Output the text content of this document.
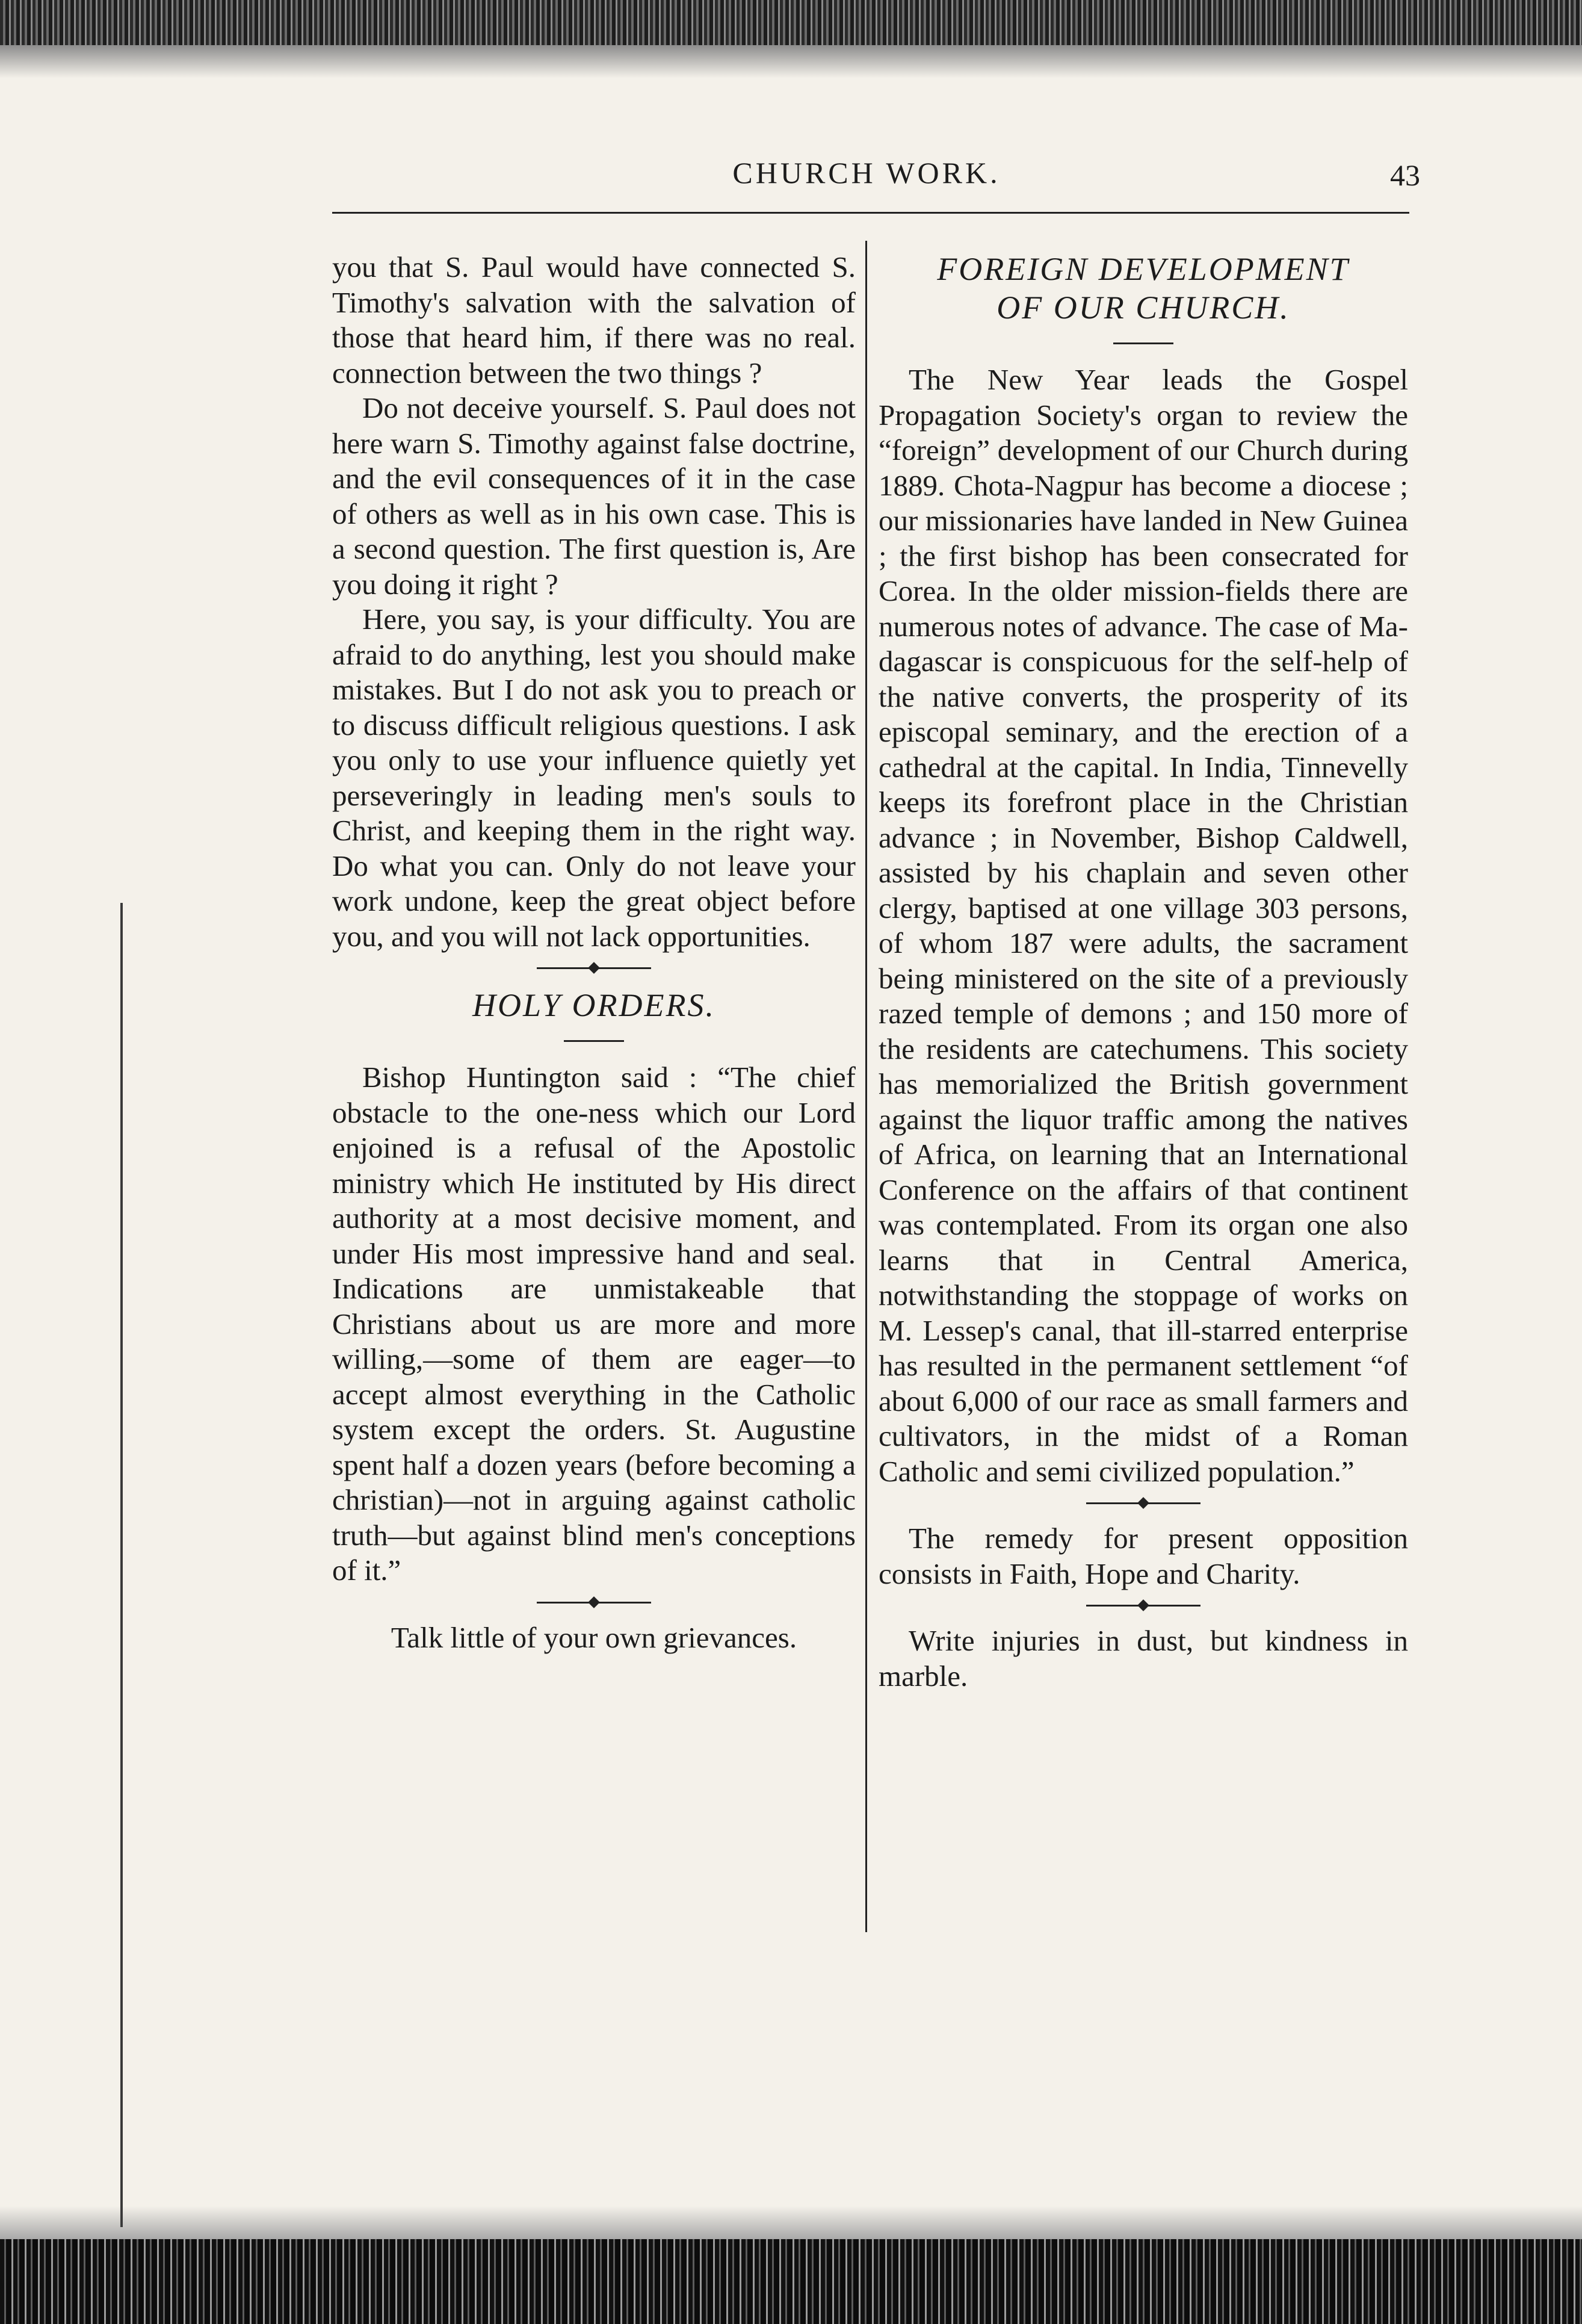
CHURCH WORK.	43

you that S. Paul would have connected S. Timothy's salvation with the salvation of those that heard him, if there was no real. connection between the two things ?

Do not deceive yourself. S. Paul does not here warn S. Timothy against false doctrine, and the evil consequences of it in the case of others as well as in his own case. This is a second question. The first question is, Are you doing it right ?

Here, you say, is your difficulty. You are afraid to do anything, lest you should make mistakes. But I do not ask you to preach or to discuss difficult religious questions. I ask you only to use your influence quietly yet perseveringly in leading men's souls to Christ, and keeping them in the right way. Do what you can. Only do not leave your work undone, keep the great object before you, and you will not lack opportunities.

HOLY ORDERS.

Bishop Huntington said : “The chief obstacle to the one-ness which our Lord enjoined is a refusal of the Apostolic ministry which He instituted by His direct authority at a most decisive moment, and under His most impressive hand and seal. Indications are unmistakeable that Christians about us are more and more willing,—some of them are eager—to accept almost everything in the Catholic system except the orders. St. Augustine spent half a dozen years (before becoming a christian)—not in arguing against catholic truth—but against blind men's conceptions of it.”

Talk little of your own grievances.

FOREIGN DEVELOPMENT
OF OUR CHURCH.

The New Year leads the Gospel Propagation Society's organ to review the “foreign” development of our Church during 1889. Chota-Nagpur has become a diocese ; our missionaries have landed in New Guinea ; the first bishop has been consecrated for Corea. In the older mission-fields there are numerous notes of advance. The case of Madagascar is conspicuous for the self-help of the native converts, the prosperity of its episcopal seminary, and the erection of a cathedral at the capital. In India, Tinnevelly keeps its forefront place in the Christian advance ; in November, Bishop Caldwell, assisted by his chaplain and seven other clergy, baptised at one village 303 persons, of whom 187 were adults, the sacrament being ministered on the site of a previously razed temple of demons ; and 150 more of the residents are catechumens. This society has memorialized the British government against the liquor traffic among the natives of Africa, on learning that an International Conference on the affairs of that continent was contemplated. From its organ one also learns that in Central America, notwithstanding the stoppage of works on M. Lessep's canal, that ill-starred enterprise has resulted in the permanent settlement “of about 6,000 of our race as small farmers and cultivators, in the midst of a Roman Catholic and semi civilized population.”

The remedy for present opposition consists in Faith, Hope and Charity.

Write injuries in dust, but kindness in marble.
